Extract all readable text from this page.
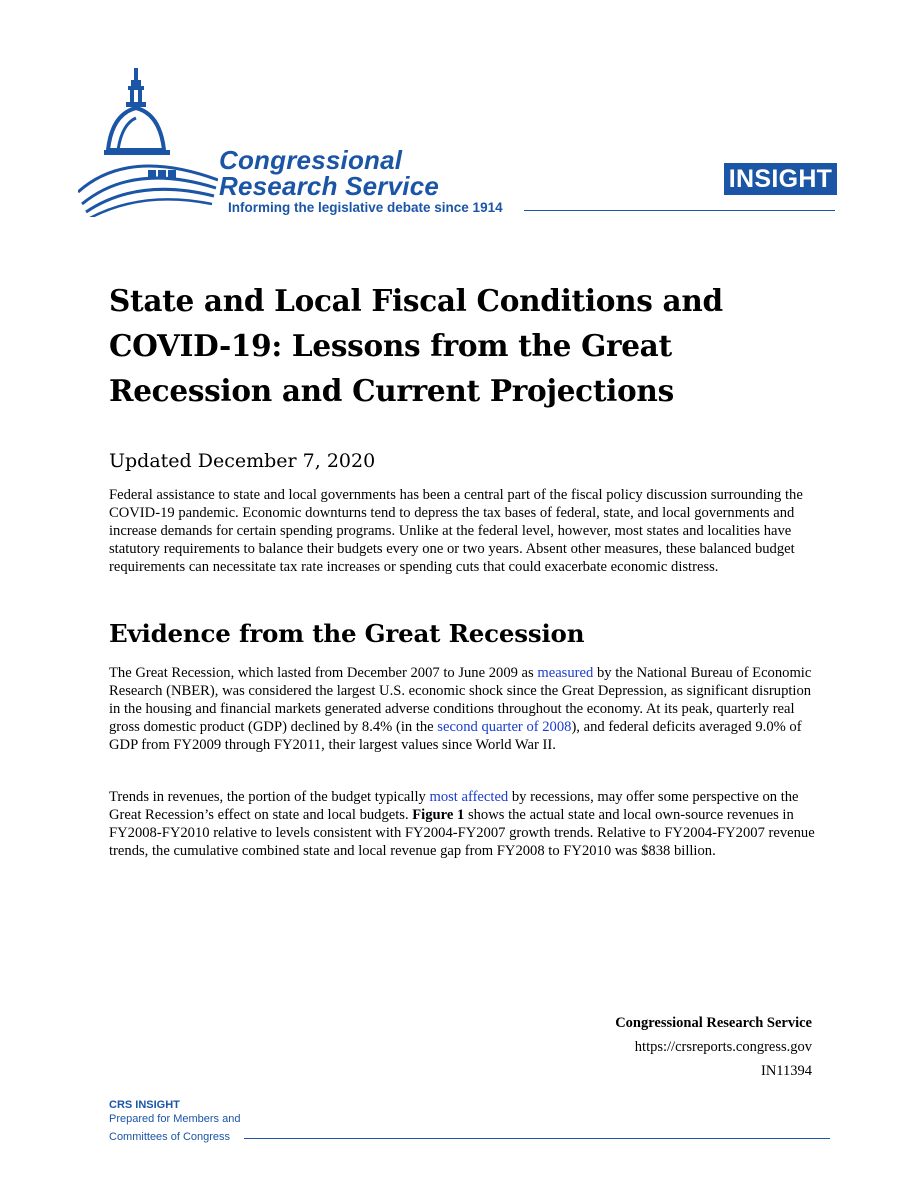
Congressional
Research Service
Informing the legislative debate since 1914
INSIGHT
State and Local Fiscal Conditions and COVID-19: Lessons from the Great Recession and Current Projections
Updated December 7, 2020

Federal assistance to state and local governments has been a central part of the fiscal policy discussion surrounding the COVID-19 pandemic. Economic downturns tend to depress the tax bases of federal, state, and local governments and increase demands for certain spending programs. Unlike at the federal level, however, most states and localities have statutory requirements to balance their budgets every one or two years. Absent other measures, these balanced budget requirements can necessitate tax rate increases or spending cuts that could exacerbate economic distress.

Evidence from the Great Recession

The Great Recession, which lasted from December 2007 to June 2009 as measured by the National Bureau of Economic Research (NBER), was considered the largest U.S. economic shock since the Great Depression, as significant disruption in the housing and financial markets generated adverse conditions throughout the economy. At its peak, quarterly real gross domestic product (GDP) declined by 8.4% (in the second quarter of 2008), and federal deficits averaged 9.0% of GDP from FY2009 through FY2011, their largest values since World War II.

Trends in revenues, the portion of the budget typically most affected by recessions, may offer some perspective on the Great Recession’s effect on state and local budgets. Figure 1 shows the actual state and local own-source revenues in FY2008-FY2010 relative to levels consistent with FY2004-FY2007 growth trends. Relative to FY2004-FY2007 revenue trends, the cumulative combined state and local revenue gap from FY2008 to FY2010 was $838 billion.

Congressional Research Service
https://crsreports.congress.gov
IN11394
CRS INSIGHT
Prepared for Members and
Committees of Congress
